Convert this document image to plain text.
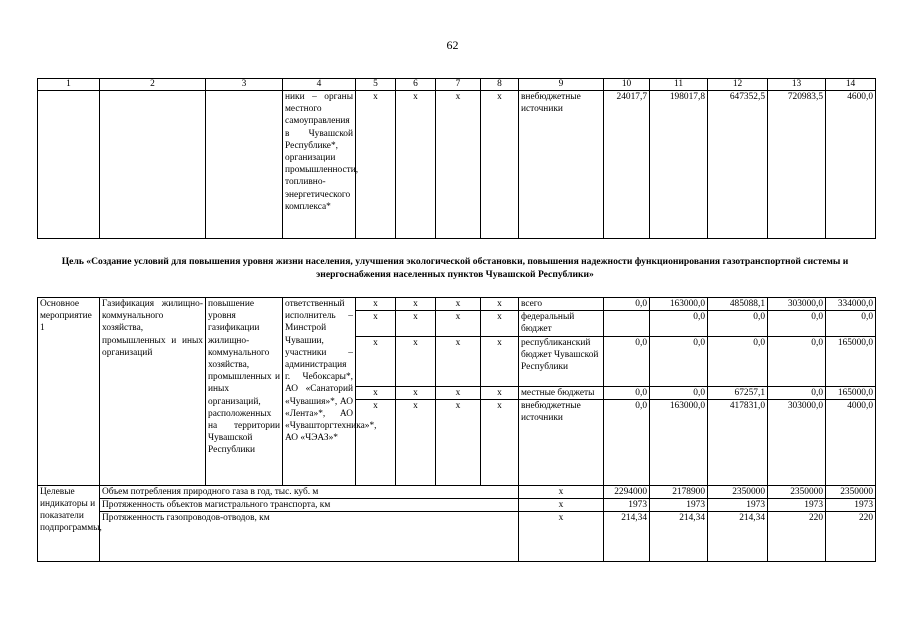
62
1	2	3	4	5	6	7	8	9	10	11	12	13	14
			ники – органы местного самоуправления в Чувашской Республике*, организации промышленности, топливно-энергетического комплекса*	x	x	x	x	внебюджетные источники	24017,7	198017,8	647352,5	720983,5	4600,0
Цель «Создание условий для повышения уровня жизни населения, улучшения экологической обстановки, повышения надежности функционирования газотранспортной системы и энергоснабжения населенных пунктов Чувашской Республики»
Основное мероприятие 1	Газификация жилищно-коммунального хозяйства, промышленных и иных организаций	повышение уровня газификации жилищно-коммунального хозяйства, промышленных и иных организаций, расположенных на территории Чувашской Республики	ответственный исполнитель – Минстрой Чувашии, участники – администрация г. Чебоксары*, АО «Санаторий «Чувашия»*, АО «Лента»*, АО «Чувашторгтехника»*, АО «ЧЭАЗ»*	x	x	x	x	всего	0,0	163000,0	485088,1	303000,0	334000,0
				x	x	x	x	федеральный бюджет		0,0	0,0	0,0	0,0
				x	x	x	x	республиканский бюджет Чувашской Республики	0,0	0,0	0,0	0,0	165000,0
				x	x	x	x	местные бюджеты	0,0	0,0	67257,1	0,0	165000,0
				x	x	x	x	внебюджетные источники	0,0	163000,0	417831,0	303000,0	4000,0
Целевые индикаторы и показатели подпрограммы,	Объем потребления природного газа в год, тыс. куб. м							x	2294000	2178900	2350000	2350000	2350000
	Протяженность объектов магистрального транспорта, км							x	1973	1973	1973	1973	1973
	Протяженность газопроводов-отводов, км							x	214,34	214,34	214,34	220	220
